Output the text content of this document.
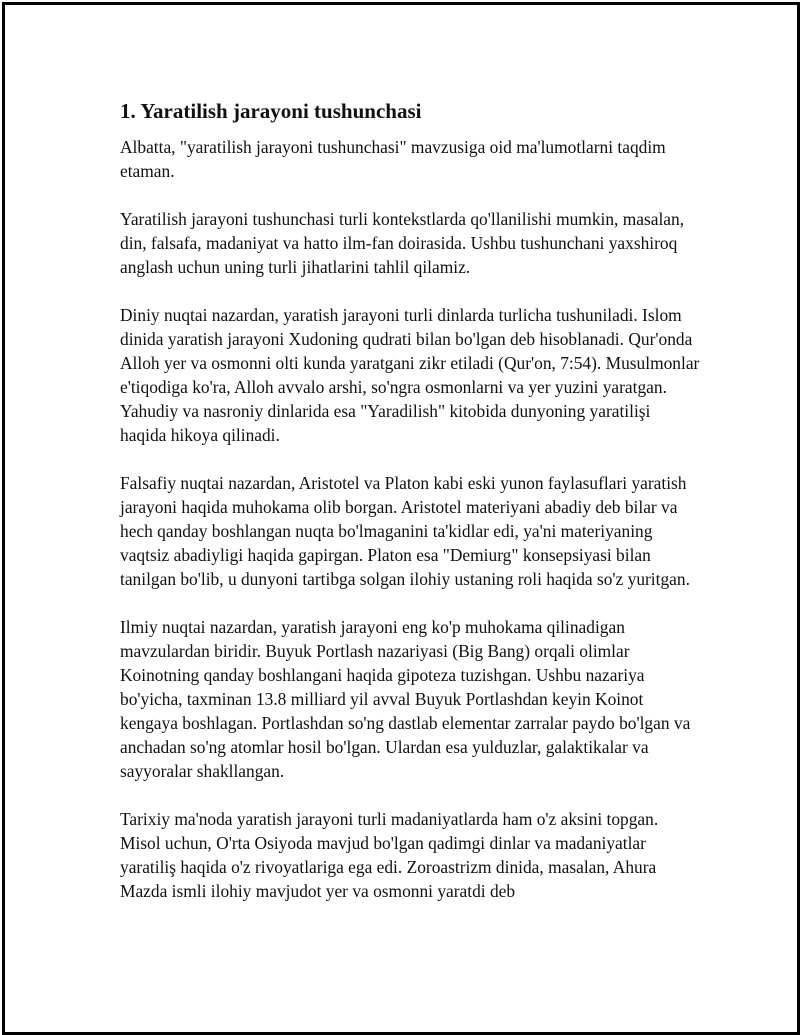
1. Yaratilish jarayoni tushunchasi

Albatta, "yaratilish jarayoni tushunchasi" mavzusiga oid ma'lumotlarni taqdim etaman.

Yaratilish jarayoni tushunchasi turli kontekstlarda qo'llanilishi mumkin, masalan, din, falsafa, madaniyat va hatto ilm-fan doirasida. Ushbu tushunchani yaxshiroq anglash uchun uning turli jihatlarini tahlil qilamiz.

Diniy nuqtai nazardan, yaratish jarayoni turli dinlarda turlicha tushuniladi. Islom dinida yaratish jarayoni Xudoning qudrati bilan bo'lgan deb hisoblanadi. Qur'onda Alloh yer va osmonni olti kunda yaratgani zikr etiladi (Qur'on, 7:54). Musulmonlar e'tiqodiga ko'ra, Alloh avvalo arshi, so'ngra osmonlarni va yer yuzini yaratgan. Yahudiy va nasroniy dinlarida esa "Yaradilish" kitobida dunyoning yaratilişi haqida hikoya qilinadi.

Falsafiy nuqtai nazardan, Aristotel va Platon kabi eski yunon faylasuflari yaratish jarayoni haqida muhokama olib borgan. Aristotel materiyani abadiy deb bilar va hech qanday boshlangan nuqta bo'lmaganini ta'kidlar edi, ya'ni materiyaning vaqtsiz abadiyligi haqida gapirgan. Platon esa "Demiurg" konsepsiyasi bilan tanilgan bo'lib, u dunyoni tartibga solgan ilohiy ustaning roli haqida so'z yuritgan.

Ilmiy nuqtai nazardan, yaratish jarayoni eng ko'p muhokama qilinadigan mavzulardan biridir. Buyuk Portlash nazariyasi (Big Bang) orqali olimlar Koinotning qanday boshlangani haqida gipoteza tuzishgan. Ushbu nazariya bo'yicha, taxminan 13.8 milliard yil avval Buyuk Portlashdan keyin Koinot kengaya boshlagan. Portlashdan so'ng dastlab elementar zarralar paydo bo'lgan va anchadan so'ng atomlar hosil bo'lgan. Ulardan esa yulduzlar, galaktikalar va sayyoralar shakllangan.

Tarixiy ma'noda yaratish jarayoni turli madaniyatlarda ham o'z aksini topgan. Misol uchun, O'rta Osiyoda mavjud bo'lgan qadimgi dinlar va madaniyatlar yaratiliş haqida o'z rivoyatlariga ega edi. Zoroastrizm dinida, masalan, Ahura Mazda ismli ilohiy mavjudot yer va osmonni yaratdi deb
